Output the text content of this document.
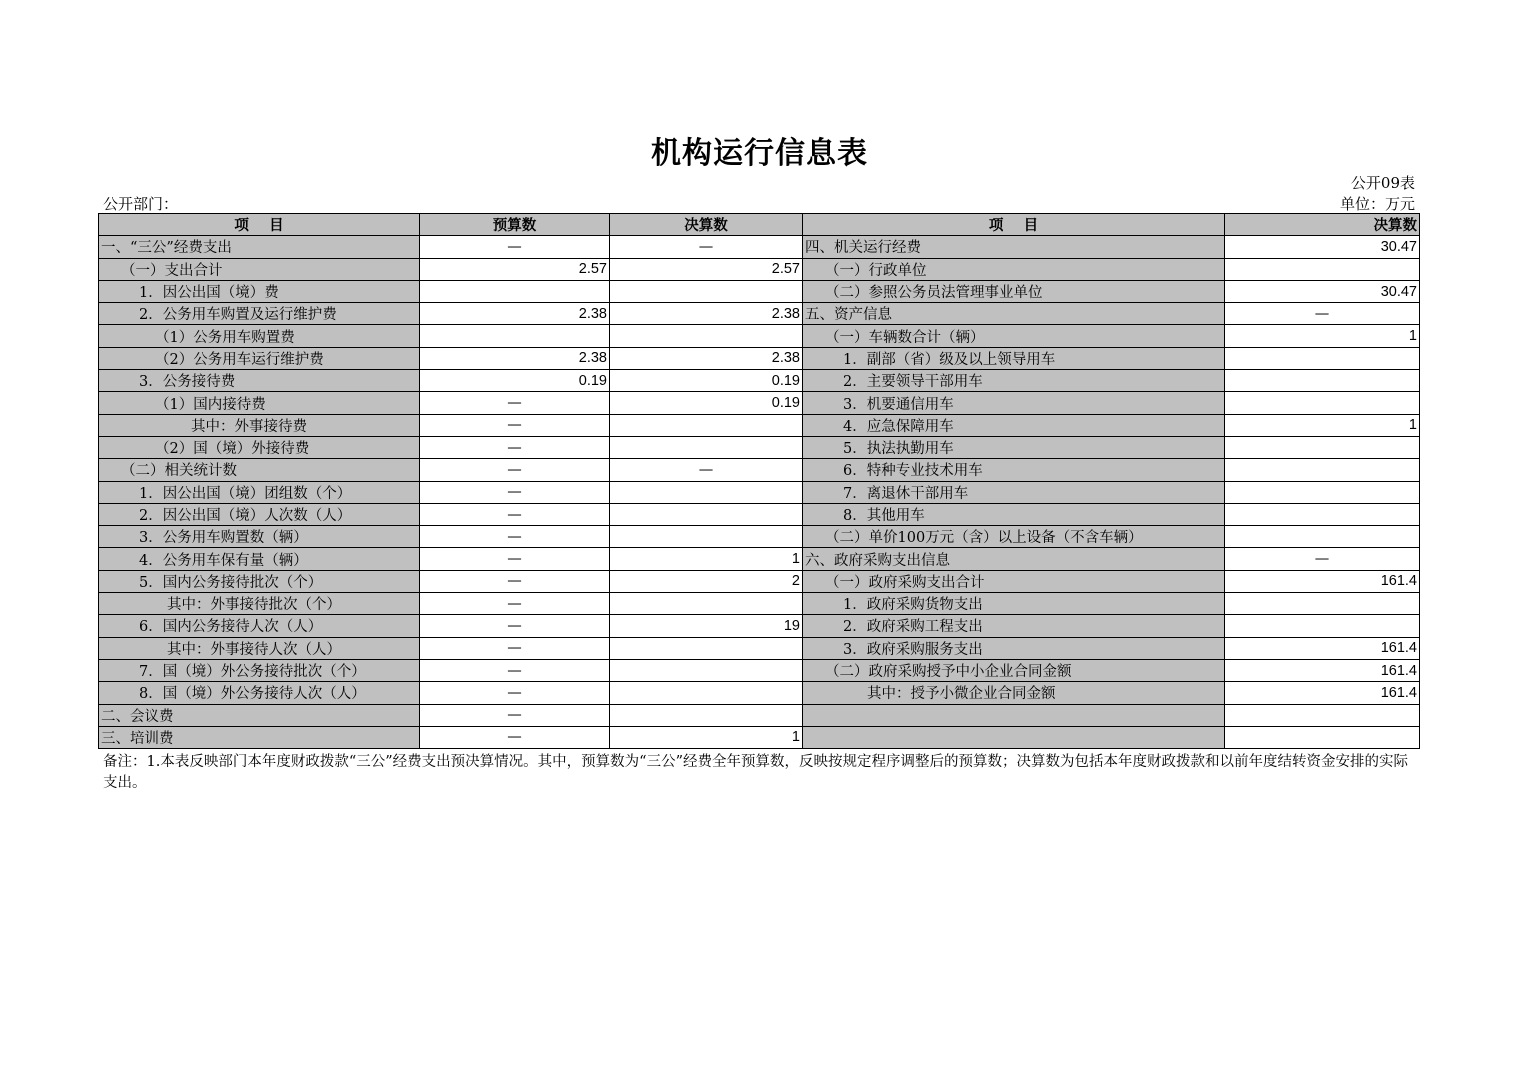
机构运行信息表
公开09表
公开部门：	单位：万元
项    目	预算数	决算数	项    目	决算数
一、“三公”经费支出	—	—	四、机关运行经费	30.47
（一）支出合计	2.57	2.57	（一）行政单位	
1．因公出国（境）费			（二）参照公务员法管理事业单位	30.47
2．公务用车购置及运行维护费	2.38	2.38	五、资产信息	—
（1）公务用车购置费			（一）车辆数合计（辆）	1
（2）公务用车运行维护费	2.38	2.38	1．副部（省）级及以上领导用车	
3．公务接待费	0.19	0.19	2．主要领导干部用车	
（1）国内接待费	—	0.19	3．机要通信用车	
其中：外事接待费	—		4．应急保障用车	1
（2）国（境）外接待费	—		5．执法执勤用车	
（二）相关统计数	—	—	6．特种专业技术用车	
1．因公出国（境）团组数（个）	—		7．离退休干部用车	
2．因公出国（境）人次数（人）	—		8．其他用车	
3．公务用车购置数（辆）	—		（二）单价100万元（含）以上设备（不含车辆）	
4．公务用车保有量（辆）	—	1	六、政府采购支出信息	—
5．国内公务接待批次（个）	—	2	（一）政府采购支出合计	161.4
其中：外事接待批次（个）	—		1．政府采购货物支出	
6．国内公务接待人次（人）	—	19	2．政府采购工程支出	
其中：外事接待人次（人）	—		3．政府采购服务支出	161.4
7．国（境）外公务接待批次（个）	—		（二）政府采购授予中小企业合同金额	161.4
8．国（境）外公务接待人次（人）	—		其中：授予小微企业合同金额	161.4
二、会议费	—			
三、培训费	—	1		
备注：1.本表反映部门本年度财政拨款“三公”经费支出预决算情况。其中，预算数为“三公”经费全年预算数，反映按规定程序调整后的预算数；决算数为包括本年度财政拨款和以前年度结转资金安排的实际支出。
